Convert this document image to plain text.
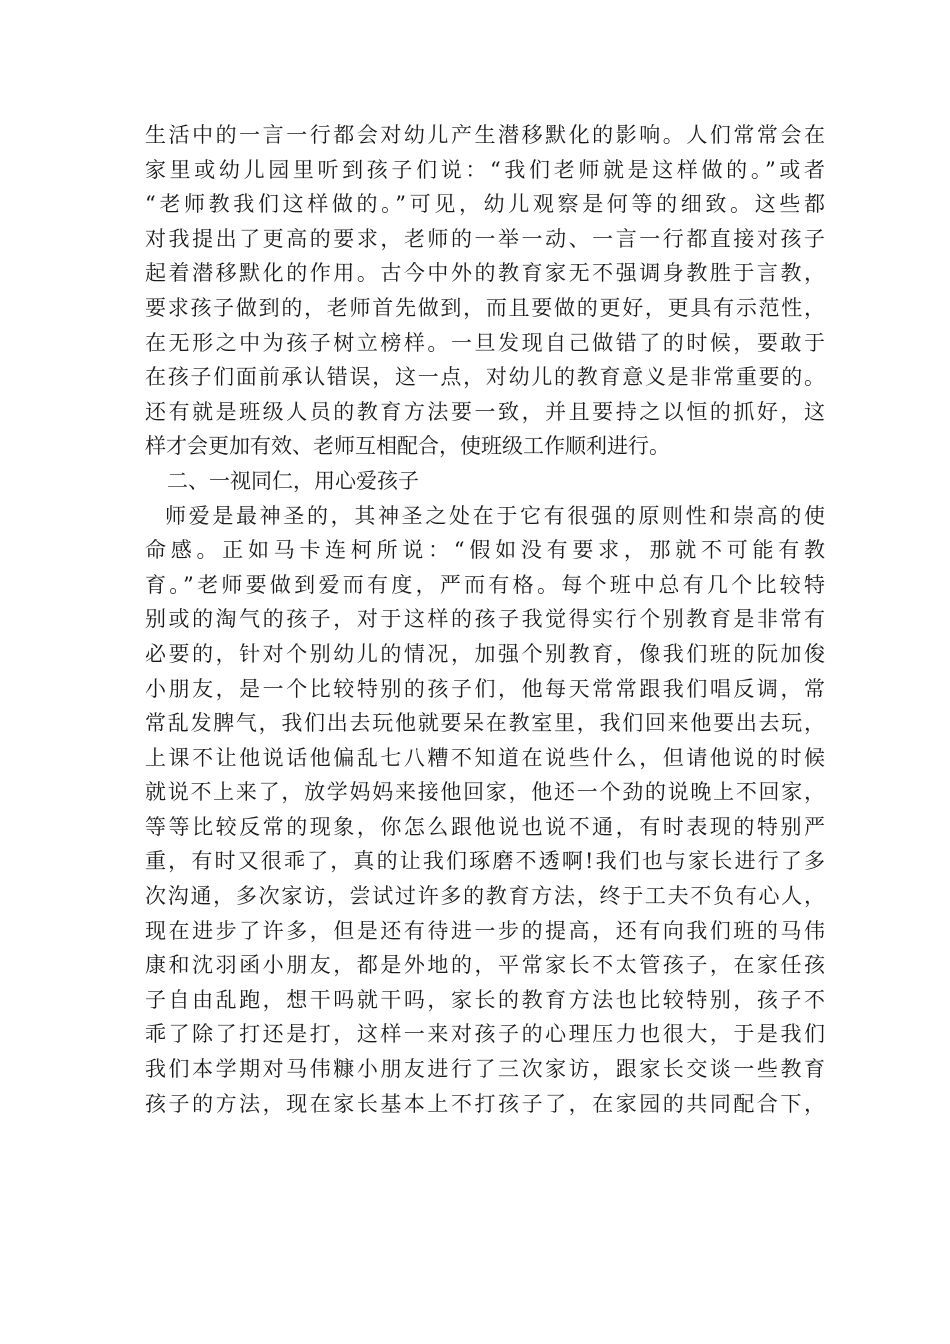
生活中的一言一行都会对幼儿产生潜移默化的影响。人们常常会在
家里或幼儿园里听到孩子们说：“我们老师就是这样做的。”或者
“老师教我们这样做的。”可见，幼儿观察是何等的细致。这些都
对我提出了更高的要求，老师的一举一动、一言一行都直接对孩子
起着潜移默化的作用。古今中外的教育家无不强调身教胜于言教，
要求孩子做到的，老师首先做到，而且要做的更好，更具有示范性，
在无形之中为孩子树立榜样。一旦发现自己做错了的时候，要敢于
在孩子们面前承认错误，这一点，对幼儿的教育意义是非常重要的。
还有就是班级人员的教育方法要一致，并且要持之以恒的抓好，这
样才会更加有效、老师互相配合，使班级工作顺利进行。
二、一视同仁，用心爱孩子
师爱是最神圣的，其神圣之处在于它有很强的原则性和崇高的使
命感。正如马卡连柯所说：“假如没有要求，那就不可能有教
育。”老师要做到爱而有度，严而有格。每个班中总有几个比较特
别或的淘气的孩子，对于这样的孩子我觉得实行个别教育是非常有
必要的，针对个别幼儿的情况，加强个别教育，像我们班的阮加俊
小朋友，是一个比较特别的孩子们，他每天常常跟我们唱反调，常
常乱发脾气，我们出去玩他就要呆在教室里，我们回来他要出去玩，
上课不让他说话他偏乱七八糟不知道在说些什么，但请他说的时候
就说不上来了，放学妈妈来接他回家，他还一个劲的说晚上不回家，
等等比较反常的现象，你怎么跟他说也说不通，有时表现的特别严
重，有时又很乖了，真的让我们琢磨不透啊!我们也与家长进行了多
次沟通，多次家访，尝试过许多的教育方法，终于工夫不负有心人，
现在进步了许多，但是还有待进一步的提高，还有向我们班的马伟
康和沈羽函小朋友，都是外地的，平常家长不太管孩子，在家任孩
子自由乱跑，想干吗就干吗，家长的教育方法也比较特别，孩子不
乖了除了打还是打，这样一来对孩子的心理压力也很大，于是我们
我们本学期对马伟糠小朋友进行了三次家访，跟家长交谈一些教育
孩子的方法，现在家长基本上不打孩子了，在家园的共同配合下，
